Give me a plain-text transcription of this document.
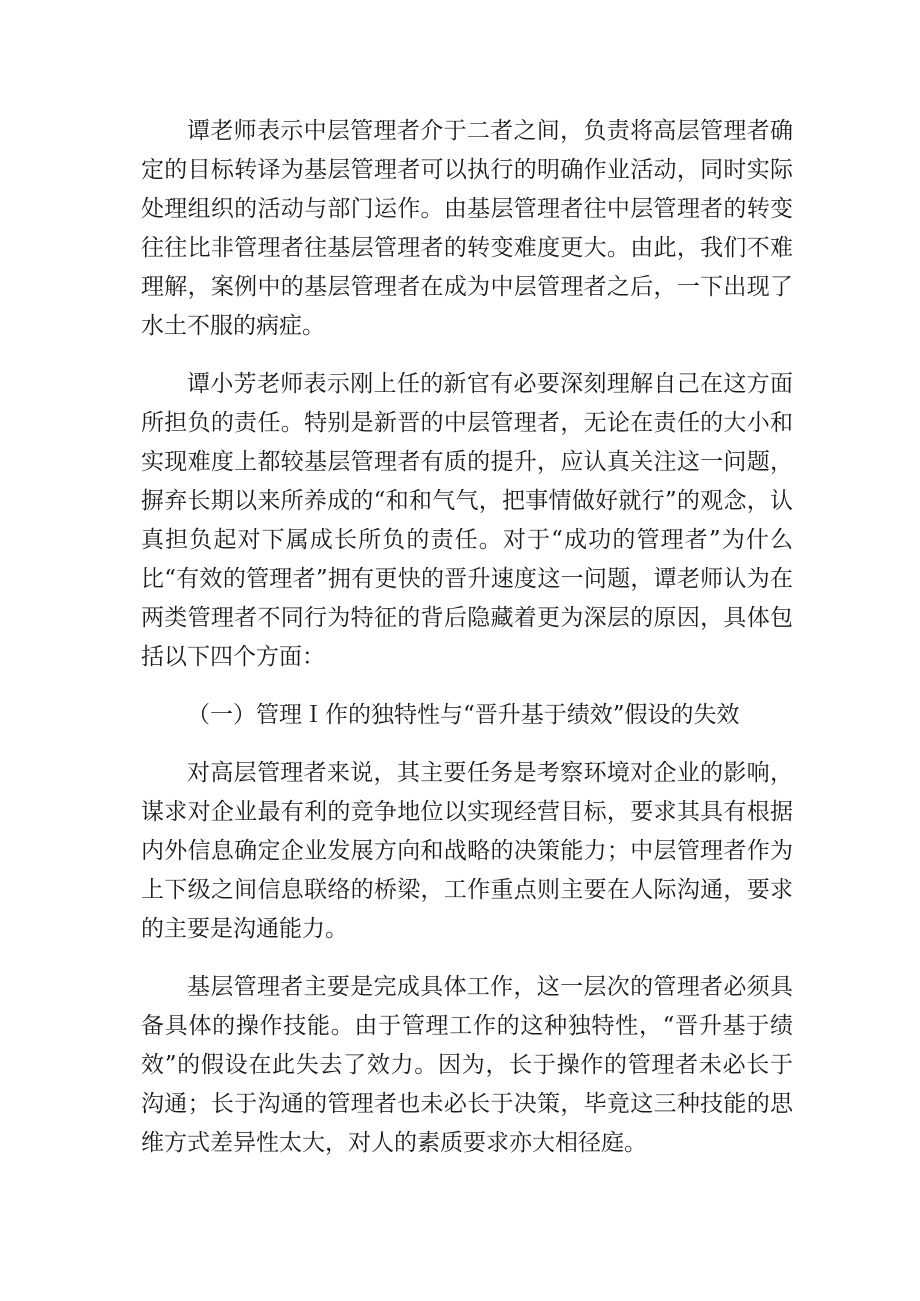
谭老师表示中层管理者介于二者之间，负责将高层管理者确定的目标转译为基层管理者可以执行的明确作业活动，同时实际处理组织的活动与部门运作。由基层管理者往中层管理者的转变往往比非管理者往基层管理者的转变难度更大。由此，我们不难理解，案例中的基层管理者在成为中层管理者之后，一下出现了水土不服的病症。

谭小芳老师表示刚上任的新官有必要深刻理解自己在这方面所担负的责任。特别是新晋的中层管理者，无论在责任的大小和实现难度上都较基层管理者有质的提升，应认真关注这一问题，摒弃长期以来所养成的“和和气气，把事情做好就行”的观念，认真担负起对下属成长所负的责任。对于“成功的管理者”为什么比“有效的管理者”拥有更快的晋升速度这一问题，谭老师认为在两类管理者不同行为特征的背后隐藏着更为深层的原因，具体包括以下四个方面：

（一）管理Ｉ作的独特性与“晋升基于绩效”假设的失效

对高层管理者来说，其主要任务是考察环境对企业的影响，谋求对企业最有利的竞争地位以实现经营目标，要求其具有根据内外信息确定企业发展方向和战略的决策能力；中层管理者作为上下级之间信息联络的桥梁，工作重点则主要在人际沟通，要求的主要是沟通能力。

基层管理者主要是完成具体工作，这一层次的管理者必须具备具体的操作技能。由于管理工作的这种独特性，“晋升基于绩效”的假设在此失去了效力。因为，长于操作的管理者未必长于沟通；长于沟通的管理者也未必长于决策，毕竟这三种技能的思维方式差异性太大，对人的素质要求亦大相径庭。
